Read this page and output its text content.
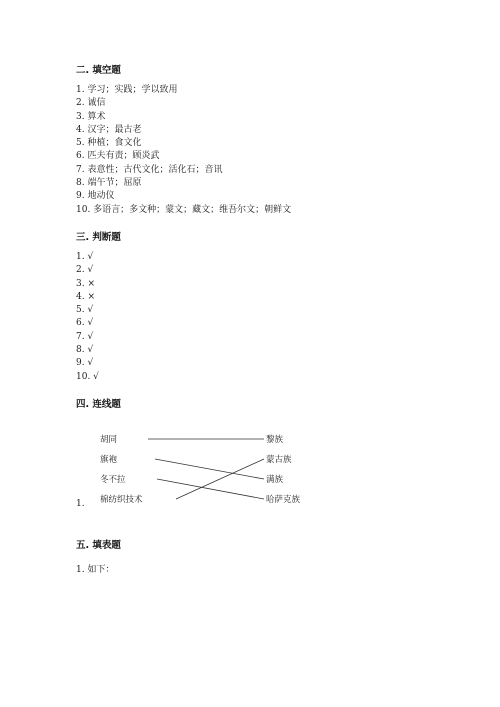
二. 填空题
1. 学习；实践；学以致用
2. 诚信
3. 算术
4. 汉字；最古老
5. 种植；食文化
6. 匹夫有责；顾炎武
7. 表意性；古代文化；活化石；音讯
8. 端午节；屈原
9. 地动仪
10. 多语言；多文种；蒙文；藏文；维吾尔文；朝鲜文
三. 判断题
1. √
2. √
3. ×
4. ×
5. √
6. √
7. √
8. √
9. √
10. √
四. 连线题
1.
胡同
旗袍
冬不拉
棉纺织技术
黎族
蒙古族
满族
哈萨克族
五. 填表题
1. 如下：
